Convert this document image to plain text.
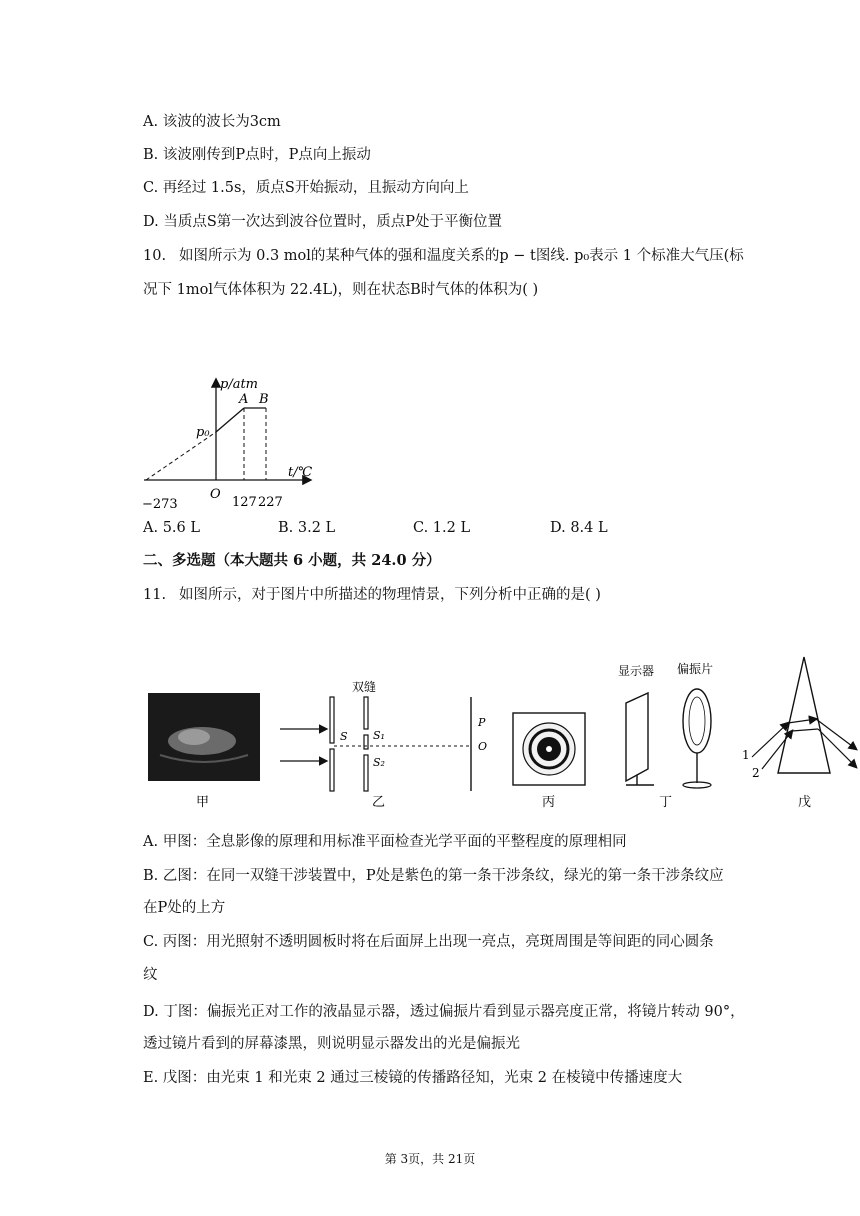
A. 该波的波长为3cm
B. 该波刚传到P点时，P点向上振动
C. 再经过 1.5s，质点S开始振动，且振动方向向上
D. 当质点S第一次达到波谷位置时，质点P处于平衡位置
10. 如图所示为 0.3 mol的某种气体的强和温度关系的p − t图线. p₀表示 1 个标准大气压(标
况下 1mol气体体积为 22.4L)，则在状态B时气体的体积为( )
p/atm
t/℃
p₀
A B
O
−273	127 227
A. 5.6 L	B. 3.2 L	C. 1.2 L	D. 8.4 L
二、多选题（本大题共 6 小题，共 24.0 分）
11. 如图所示，对于图片中所描述的物理情景，下列分析中正确的是( )
甲
双缝
S S₁
S₂
P
O
乙	丙
显示器 偏振片
丁
1
2
戊
A. 甲图：全息影像的原理和用标准平面检查光学平面的平整程度的原理相同
B. 乙图：在同一双缝干涉装置中，P处是紫色的第一条干涉条纹，绿光的第一条干涉条纹应
在P处的上方
C. 丙图：用光照射不透明圆板时将在后面屏上出现一亮点，亮斑周围是等间距的同心圆条
纹
D. 丁图：偏振光正对工作的液晶显示器，透过偏振片看到显示器亮度正常，将镜片转动 90°，
透过镜片看到的屏幕漆黑，则说明显示器发出的光是偏振光
E. 戊图：由光束 1 和光束 2 通过三棱镜的传播路径知，光束 2 在棱镜中传播速度大
第 3页，共 21页
